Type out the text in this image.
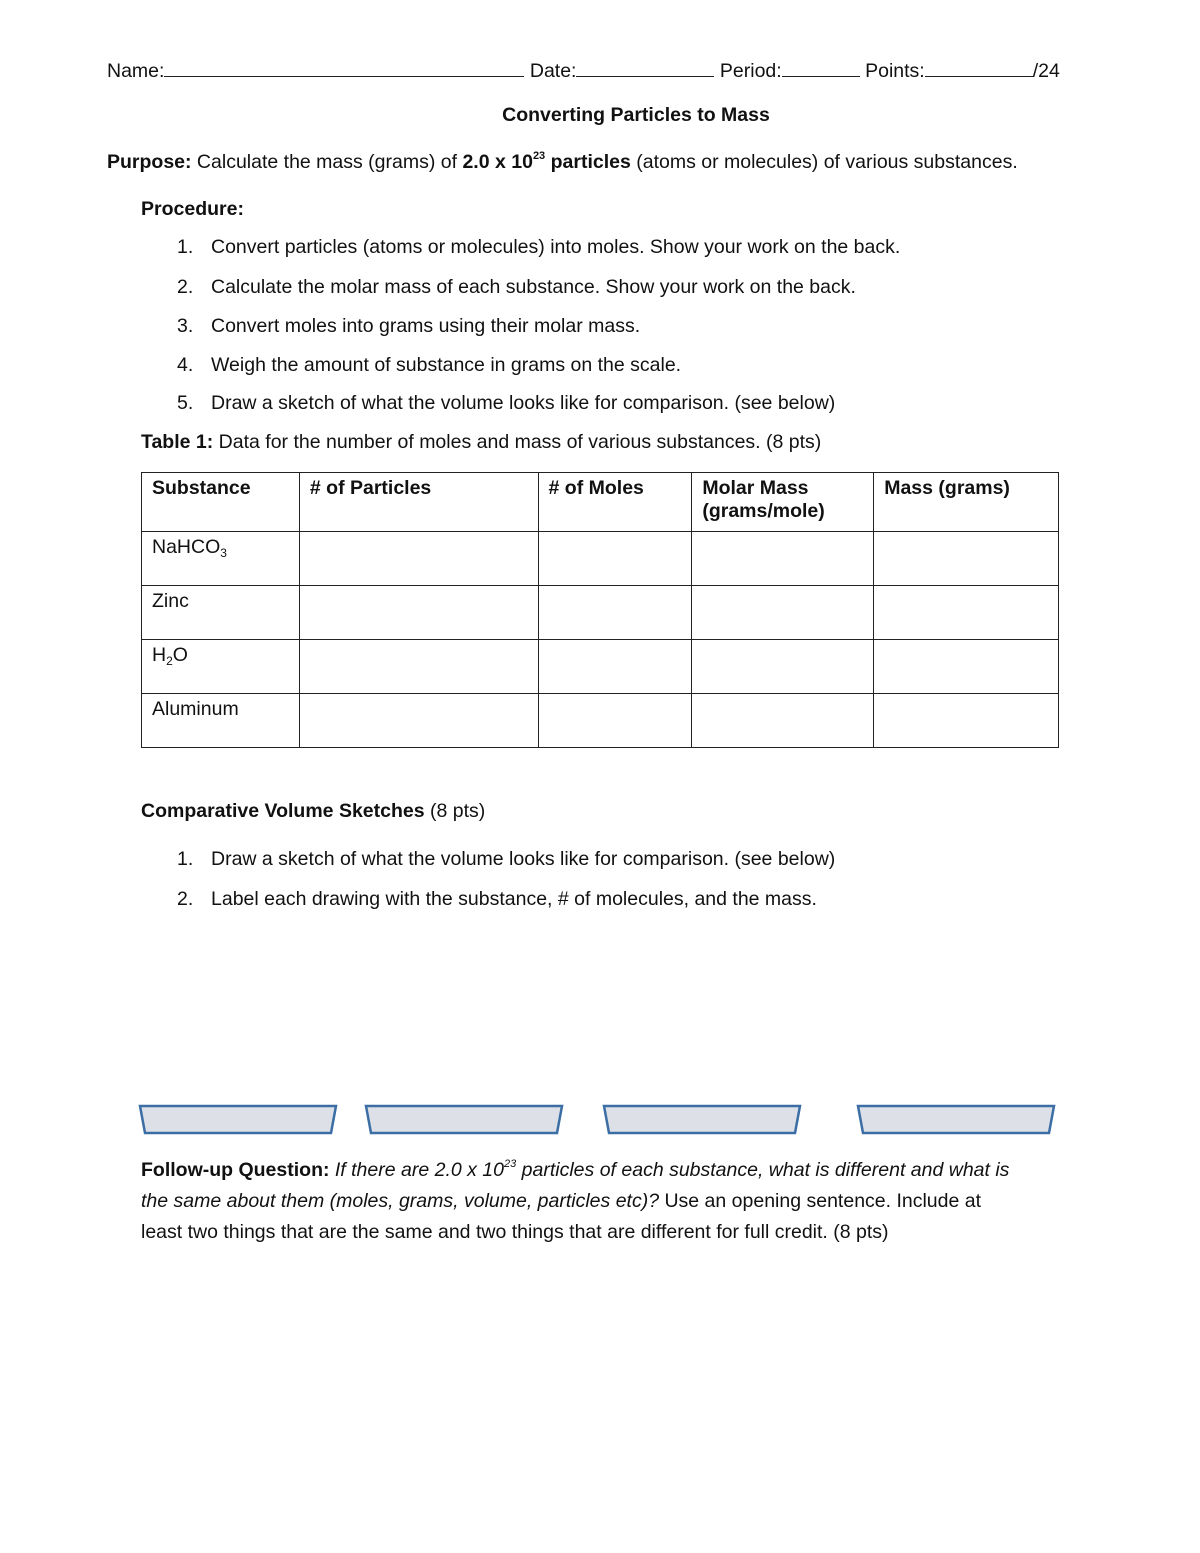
Name:	Date:	Period:	Points:	/24
Converting Particles to Mass
Purpose: Calculate the mass (grams) of 2.0 x $10^{23}$ particles (atoms or molecules) of various substances.
Procedure:
1. Convert particles (atoms or molecules) into moles. Show your work on the back.
2. Calculate the molar mass of each substance. Show your work on the back.
3. Convert moles into grams using their molar mass.
4. Weigh the amount of substance in grams on the scale.
5. Draw a sketch of what the volume looks like for comparison. (see below)
Table 1: Data for the number of moles and mass of various substances. (8 pts)
Substance	# of Particles	# of Moles	Molar Mass (grams/mole)	Mass (grams)
NaHCO$_3$				
Zinc				
$H_2O$				
Aluminum				
Comparative Volume Sketches (8 pts)
1. Draw a sketch of what the volume looks like for comparison. (see below)
2. Label each drawing with the substance, # of molecules, and the mass.
Follow-up Question: If there are 2.0 x $10^{23}$ particles of each substance, what is different and what is
the same about them (moles, grams, volume, particles etc)? Use an opening sentence. Include at
least two things that are the same and two things that are different for full credit. (8 pts)
